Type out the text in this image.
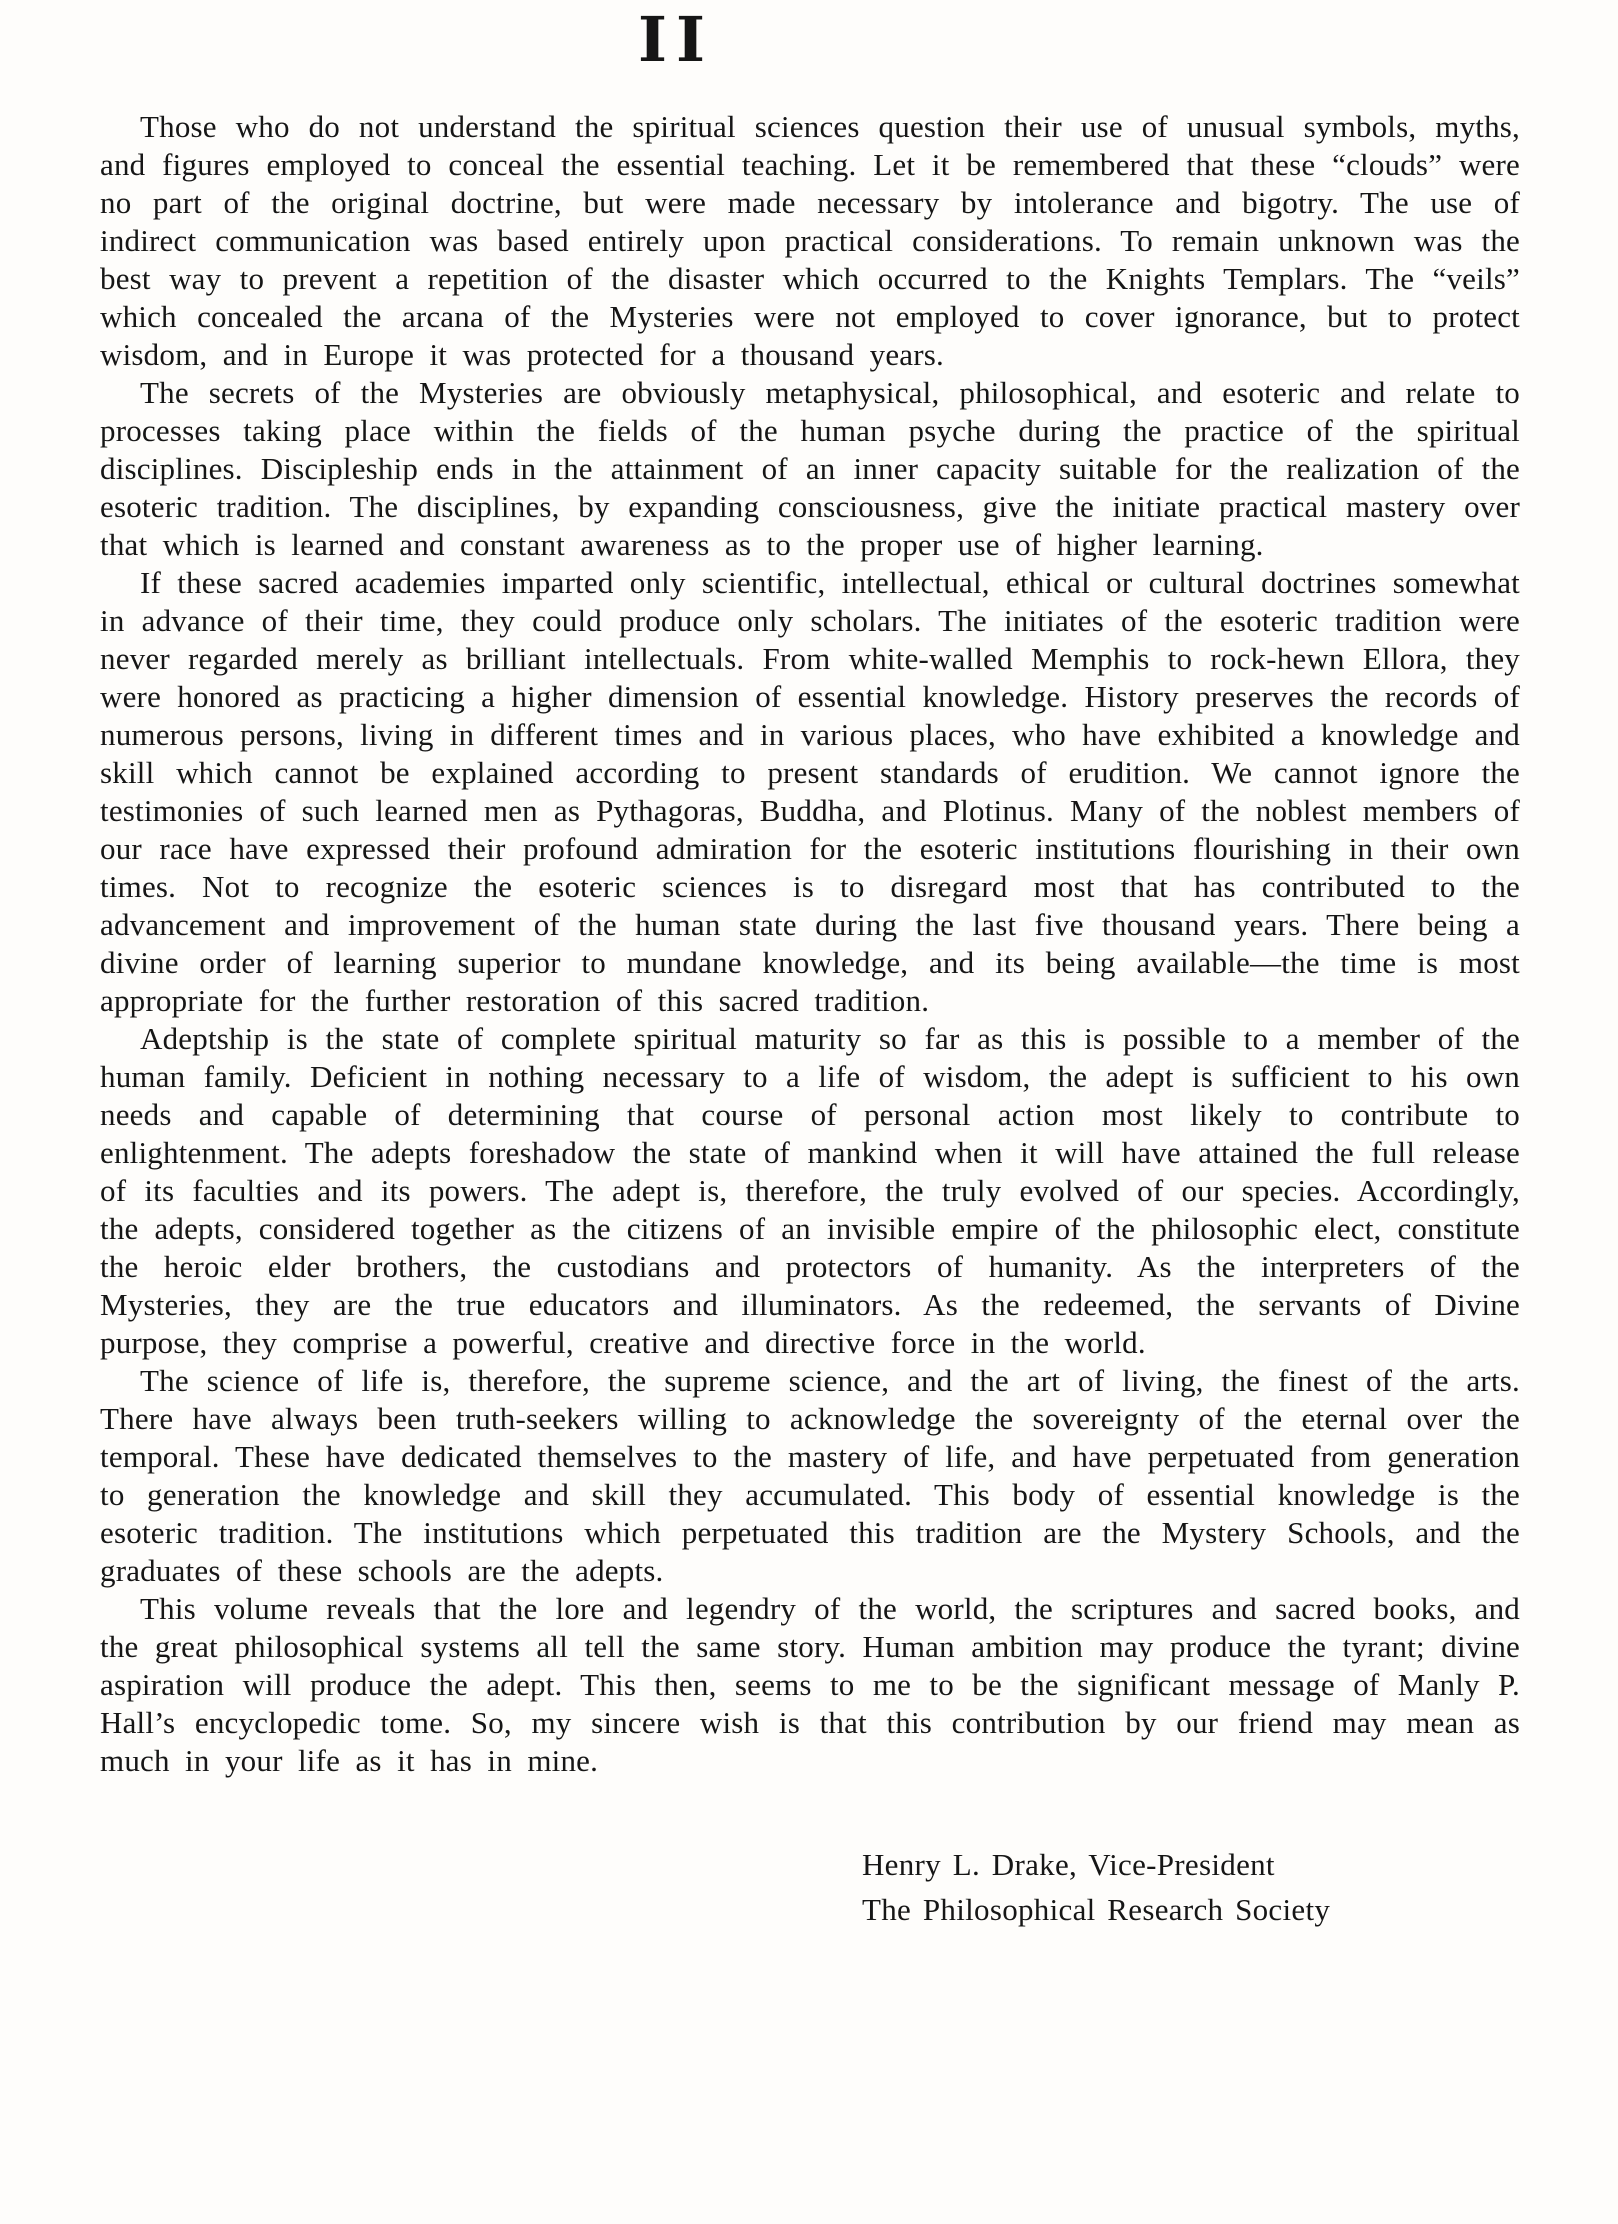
II

Those who do not understand the spiritual sciences question their use of unusual symbols, myths, and figures employed to conceal the essential teaching. Let it be remembered that these “clouds” were no part of the original doctrine, but were made necessary by intolerance and bigotry. The use of indirect communication was based entirely upon practical considerations. To remain unknown was the best way to prevent a repetition of the disaster which occurred to the Knights Templars. The “veils” which concealed the arcana of the Mysteries were not employed to cover ignorance, but to protect wisdom, and in Europe it was protected for a thousand years.

The secrets of the Mysteries are obviously metaphysical, philosophical, and esoteric and relate to processes taking place within the fields of the human psyche during the practice of the spiritual disciplines. Discipleship ends in the attainment of an inner capacity suitable for the realization of the esoteric tradition. The disciplines, by expanding consciousness, give the initiate practical mastery over that which is learned and constant awareness as to the proper use of higher learning.

If these sacred academies imparted only scientific, intellectual, ethical or cultural doctrines somewhat in advance of their time, they could produce only scholars. The initiates of the esoteric tradition were never regarded merely as brilliant intellectuals. From white-walled Memphis to rock-hewn Ellora, they were honored as practicing a higher dimension of essential knowledge. History preserves the records of numerous persons, living in different times and in various places, who have exhibited a knowledge and skill which cannot be explained according to present standards of erudition. We cannot ignore the testimonies of such learned men as Pythagoras, Buddha, and Plotinus. Many of the noblest members of our race have expressed their profound admiration for the esoteric institutions flourishing in their own times. Not to recognize the esoteric sciences is to disregard most that has contributed to the advancement and improvement of the human state during the last five thousand years. There being a divine order of learning superior to mundane knowledge, and its being available—the time is most appropriate for the further restoration of this sacred tradition.

Adeptship is the state of complete spiritual maturity so far as this is possible to a member of the human family. Deficient in nothing necessary to a life of wisdom, the adept is sufficient to his own needs and capable of determining that course of personal action most likely to contribute to enlightenment. The adepts foreshadow the state of mankind when it will have attained the full release of its faculties and its powers. The adept is, therefore, the truly evolved of our species. Accordingly, the adepts, considered together as the citizens of an invisible empire of the philosophic elect, constitute the heroic elder brothers, the custodians and protectors of humanity. As the interpreters of the Mysteries, they are the true educators and illuminators. As the redeemed, the servants of Divine purpose, they comprise a powerful, creative and directive force in the world.

The science of life is, therefore, the supreme science, and the art of living, the finest of the arts. There have always been truth-seekers willing to acknowledge the sovereignty of the eternal over the temporal. These have dedicated themselves to the mastery of life, and have perpetuated from generation to generation the knowledge and skill they accumulated. This body of essential knowledge is the esoteric tradition. The institutions which perpetuated this tradition are the Mystery Schools, and the graduates of these schools are the adepts.

This volume reveals that the lore and legendry of the world, the scriptures and sacred books, and the great philosophical systems all tell the same story. Human ambition may produce the tyrant; divine aspiration will produce the adept. This then, seems to me to be the significant message of Manly P. Hall’s encyclopedic tome. So, my sincere wish is that this contribution by our friend may mean as much in your life as it has in mine.

Henry L. Drake, Vice-President
The Philosophical Research Society
